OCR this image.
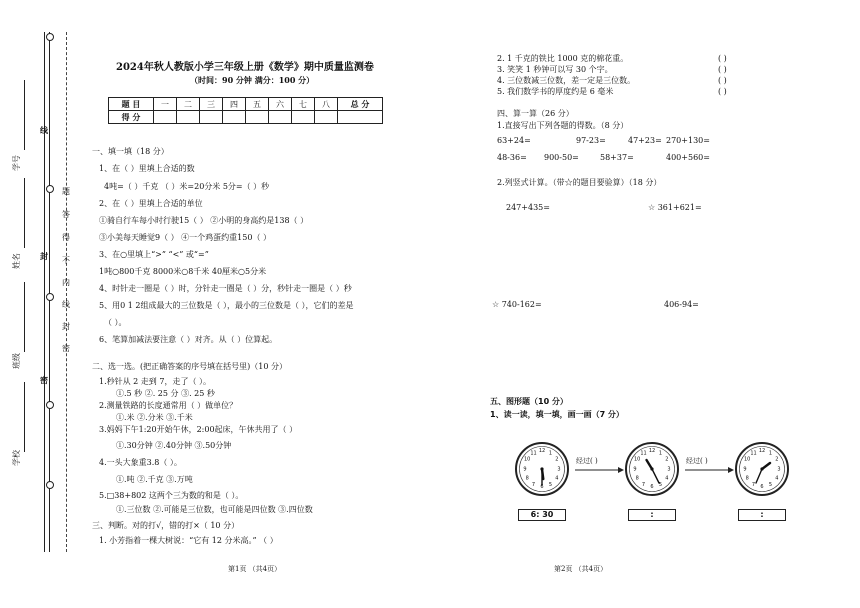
学号
姓名
班级
学校
线
封
密
题
答
得
不
内
线
封
密
2024年秋人教版小学三年级上册《数学》期中质量监测卷
（时间：90 分钟 满分：100 分）
题 目	一	二	三	四	五	六	七	八	总 分
得 分									
一、填一填（18 分）
1、在（ ）里填上合适的数
4吨=（ ）千克 （ ）米=20分米 5分=（ ）秒
2、在（ ）里填上合适的单位
①骑自行车每小时行驶15（ ） ②小明的身高约是138（ ）
③小美每天睡觉9（ ） ④一个鸡蛋约重150（ ）
3、在○里填上“>” “<” 或“=”
1吨○800千克 8000米○8千米 40厘米○5分米
4、时针走一圈是（ ）时，分针走一圈是（ ）分，秒针走一圈是（ ）秒
5、用0 1 2组成最大的三位数是（ ），最小的三位数是（ ），它们的差是
（ ）。
6、笔算加减法要注意（ ）对齐。从（ ）位算起。
二、选一选。(把正确答案的序号填在括号里)（10 分）
1.秒针从 2 走到 7，走了（ ）。
①.5 秒 ②. 25 分 ③. 25 秒
2.测量铁路的长度通常用（ ）做单位？
①.米 ②.分米 ③.千米
3.妈妈下午1:20开始午休，2:00起床，午休共用了（ ）
①.30分钟 ②.40分钟 ③.50分钟
4.一头大象重3.8（ ）。
①.吨 ②.千克 ③.万吨
5.□38+802 这两个三为数的和是（ ）。
①.三位数 ②.可能是三位数，也可能是四位数 ③.四位数
三、判断。对的打√，错的打×（ 10 分）
1. 小芳指着一棵大树说：“它有 12 分米高。” （ ）
第1页 （共4页）
2. 1 千克的铁比 1000 克的棉花重。	( )
3. 笑笑 1 秒钟可以写 30 个字。	( )
4. 三位数减三位数，差一定是三位数。	( )
5. 我们数学书的厚度约是 6 毫米	( )
四、算一算（26 分）
1.直接写出下列各题的得数。（8 分）
63+24=	97-23=	47+23= 270+130=
48-36= 900-50=	58+37=	400+560=
2.列竖式计算。（带☆的题目要验算）（18 分）
247+435=	☆ 361+621=
☆ 740-162=	406-94=
五、图形题（10 分）
1、读一读，填一填，画一画（7 分）
12 1
2
3
4
5
6
7
8
9
10
11
6: 30
经过( )
12 1
2
3
4
5
6
7
8
9
10
11
:
经过( )
12 1
2
3
4
5
6
7
8
9
10
11
:
第2页 （共4页）
